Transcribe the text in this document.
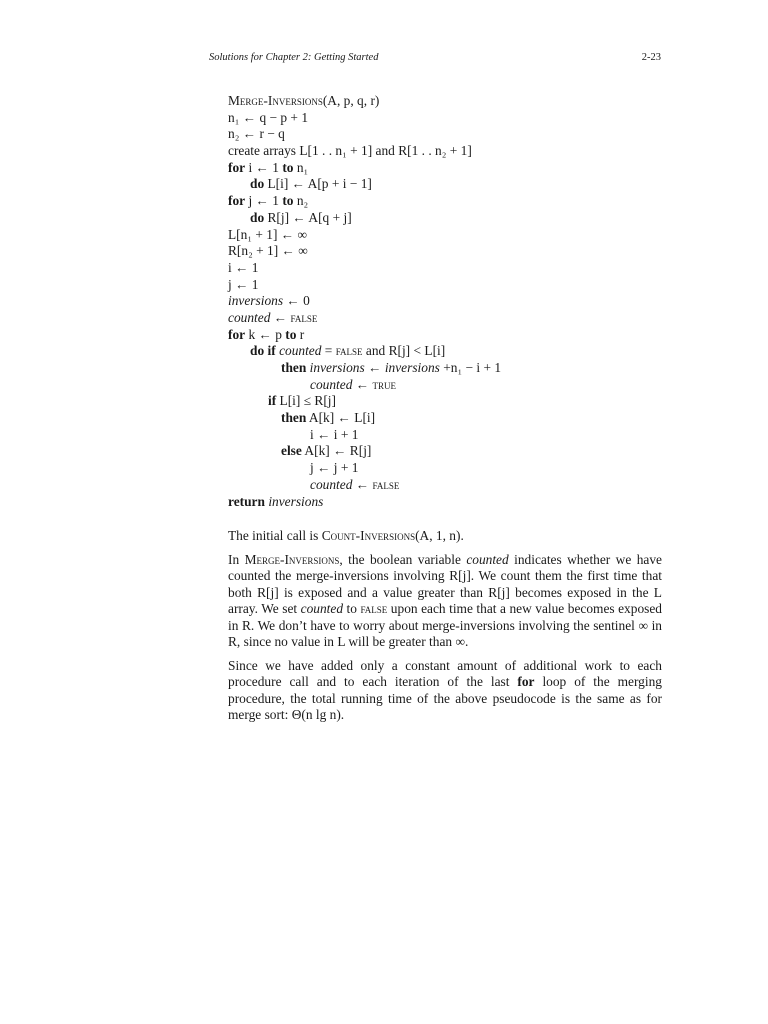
Solutions for Chapter 2: Getting Started	2-23
Merge-Inversions(A, p, q, r)
n₁ ← q − p + 1
n₂ ← r − q
create arrays L[1 . . n₁ + 1] and R[1 . . n₂ + 1]
for i ← 1 to n₁
do L[i] ← A[p + i − 1]
for j ← 1 to n₂
do R[j] ← A[q + j]
L[n₁ + 1] ← ∞
R[n₂ + 1] ← ∞
i ← 1
j ← 1
inversions ← 0
counted ← false
for k ← p to r
do if counted = false and R[j] < L[i]
then inversions ← inversions +n₁ − i + 1
counted ← true
if L[i] ≤ R[j]
then A[k] ← L[i]
i ← i + 1
else A[k] ← R[j]
j ← j + 1
counted ← false
return inversions

The initial call is Count-Inversions(A, 1, n).

In Merge-Inversions, the boolean variable counted indicates whether we have counted the merge-inversions involving R[j]. We count them the first time that both R[j] is exposed and a value greater than R[j] becomes exposed in the L array. We set counted to false upon each time that a new value becomes exposed in R. We don’t have to worry about merge-inversions involving the sentinel ∞ in R, since no value in L will be greater than ∞.

Since we have added only a constant amount of additional work to each procedure call and to each iteration of the last for loop of the merging procedure, the total running time of the above pseudocode is the same as for merge sort: Θ(n lg n).
